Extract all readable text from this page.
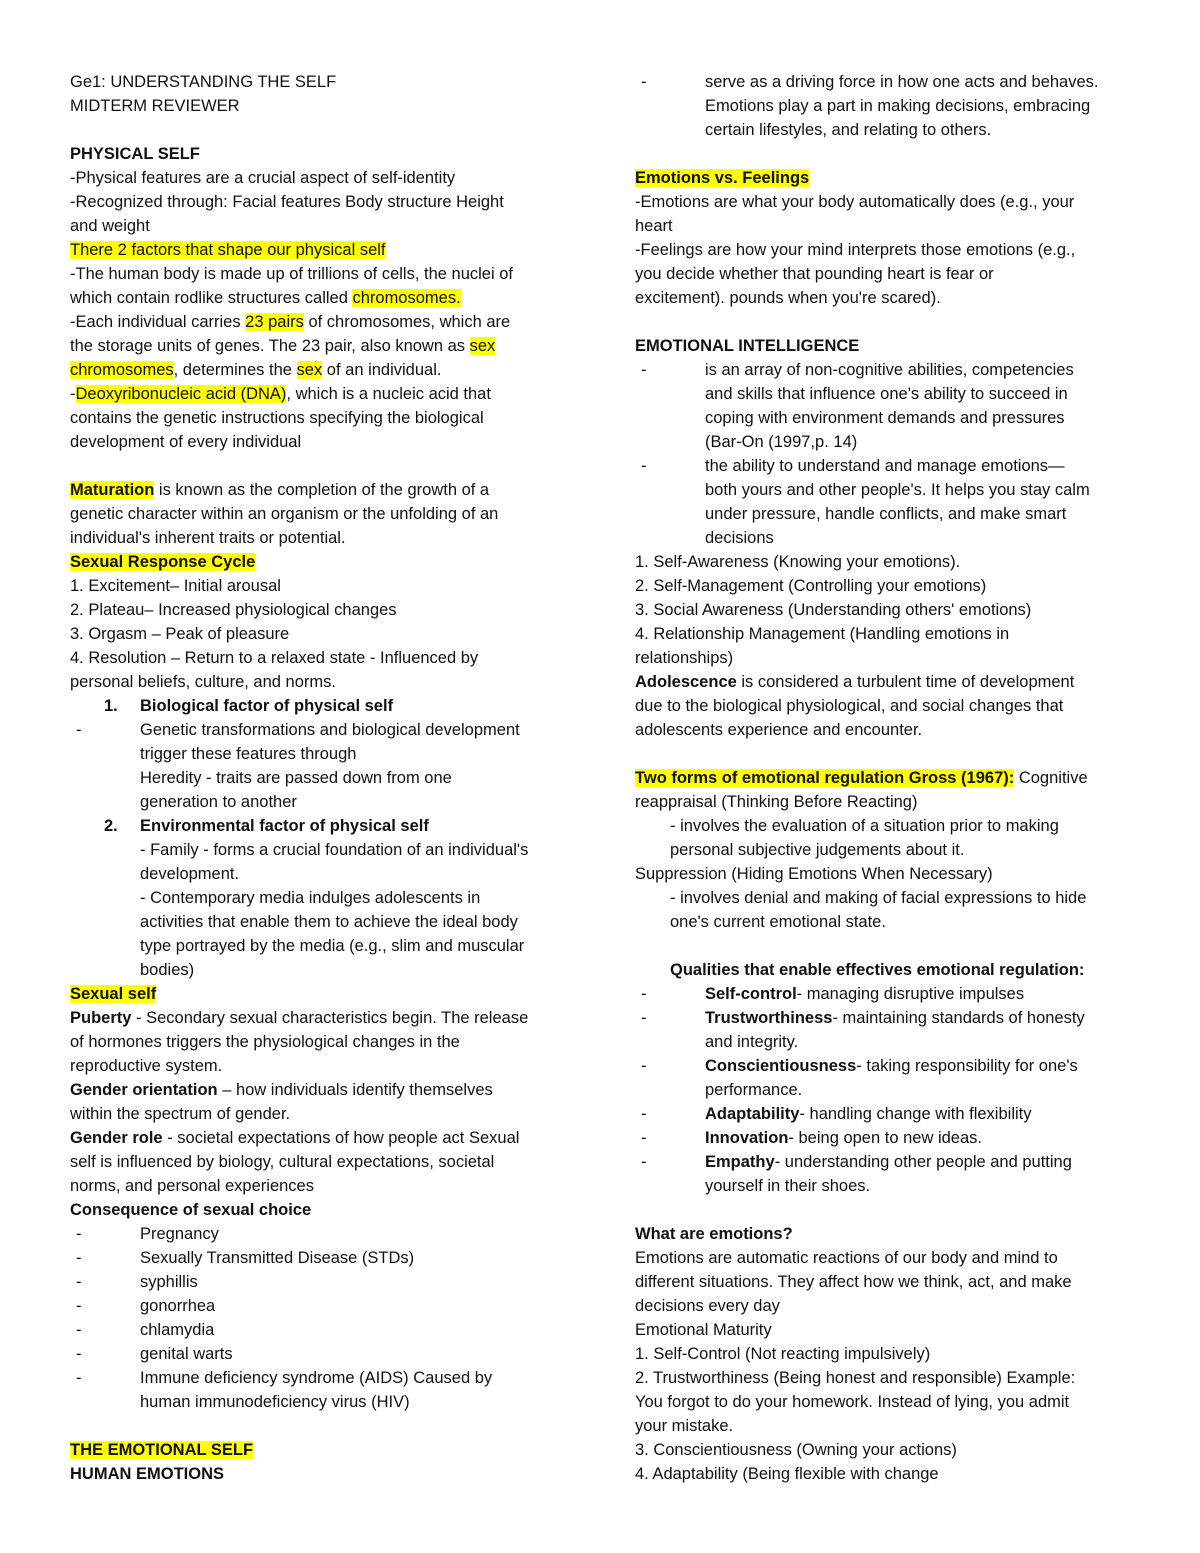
Ge1: UNDERSTANDING THE SELF
MIDTERM REVIEWER
PHYSICAL SELF
-Physical features are a crucial aspect of self-identity
-Recognized through: Facial features Body structure Height
and weight
There 2 factors that shape our physical self
-The human body is made up of trillions of cells, the nuclei of
which contain rodlike structures called chromosomes.
-Each individual carries 23 pairs of chromosomes, which are
the storage units of genes. The 23 pair, also known as sex
chromosomes, determines the sex of an individual.
-Deoxyribonucleic acid (DNA), which is a nucleic acid that
contains the genetic instructions specifying the biological
development of every individual
Maturation is known as the completion of the growth of a
genetic character within an organism or the unfolding of an
individual's inherent traits or potential.
Sexual Response Cycle
1. Excitement– Initial arousal
2. Plateau– Increased physiological changes
3. Orgasm – Peak of pleasure
4. Resolution – Return to a relaxed state - Influenced by
personal beliefs, culture, and norms.
1.	Biological factor of physical self
-	Genetic transformations and biological development
trigger these features through
Heredity - traits are passed down from one
generation to another
2.	Environmental factor of physical self
- Family - forms a crucial foundation of an individual's
development.
- Contemporary media indulges adolescents in
activities that enable them to achieve the ideal body
type portrayed by the media (e.g., slim and muscular
bodies)
Sexual self
Puberty - Secondary sexual characteristics begin. The release
of hormones triggers the physiological changes in the
reproductive system.
Gender orientation – how individuals identify themselves
within the spectrum of gender.
Gender role - societal expectations of how people act Sexual
self is influenced by biology, cultural expectations, societal
norms, and personal experiences
Consequence of sexual choice
-	Pregnancy
-	Sexually Transmitted Disease (STDs)
-	syphillis
-	gonorrhea
-	chlamydia
-	genital warts
-	Immune deficiency syndrome (AIDS) Caused by
human immunodeficiency virus (HIV)
THE EMOTIONAL SELF
HUMAN EMOTIONS
-	serve as a driving force in how one acts and behaves.
Emotions play a part in making decisions, embracing
certain lifestyles, and relating to others.
Emotions vs. Feelings
-Emotions are what your body automatically does (e.g., your
heart
-Feelings are how your mind interprets those emotions (e.g.,
you decide whether that pounding heart is fear or
excitement). pounds when you're scared).
EMOTIONAL INTELLIGENCE
-	is an array of non-cognitive abilities, competencies
and skills that influence one's ability to succeed in
coping with environment demands and pressures
(Bar-On (1997,p. 14)
-	the ability to understand and manage emotions—
both yours and other people's. It helps you stay calm
under pressure, handle conflicts, and make smart
decisions
1. Self-Awareness (Knowing your emotions).
2. Self-Management (Controlling your emotions)
3. Social Awareness (Understanding others' emotions)
4. Relationship Management (Handling emotions in
relationships)
Adolescence is considered a turbulent time of development
due to the biological physiological, and social changes that
adolescents experience and encounter.
Two forms of emotional regulation Gross (1967): Cognitive
reappraisal (Thinking Before Reacting)
- involves the evaluation of a situation prior to making
personal subjective judgements about it.
Suppression (Hiding Emotions When Necessary)
- involves denial and making of facial expressions to hide
one's current emotional state.
Qualities that enable effectives emotional regulation:
-	Self-control- managing disruptive impulses
-	Trustworthiness- maintaining standards of honesty
and integrity.
-	Conscientiousness- taking responsibility for one's
performance.
-	Adaptability- handling change with flexibility
-	Innovation- being open to new ideas.
-	Empathy- understanding other people and putting
yourself in their shoes.
What are emotions?
Emotions are automatic reactions of our body and mind to
different situations. They affect how we think, act, and make
decisions every day
Emotional Maturity
1. Self-Control (Not reacting impulsively)
2. Trustworthiness (Being honest and responsible) Example:
You forgot to do your homework. Instead of lying, you admit
your mistake.
3. Conscientiousness (Owning your actions)
4. Adaptability (Being flexible with change
